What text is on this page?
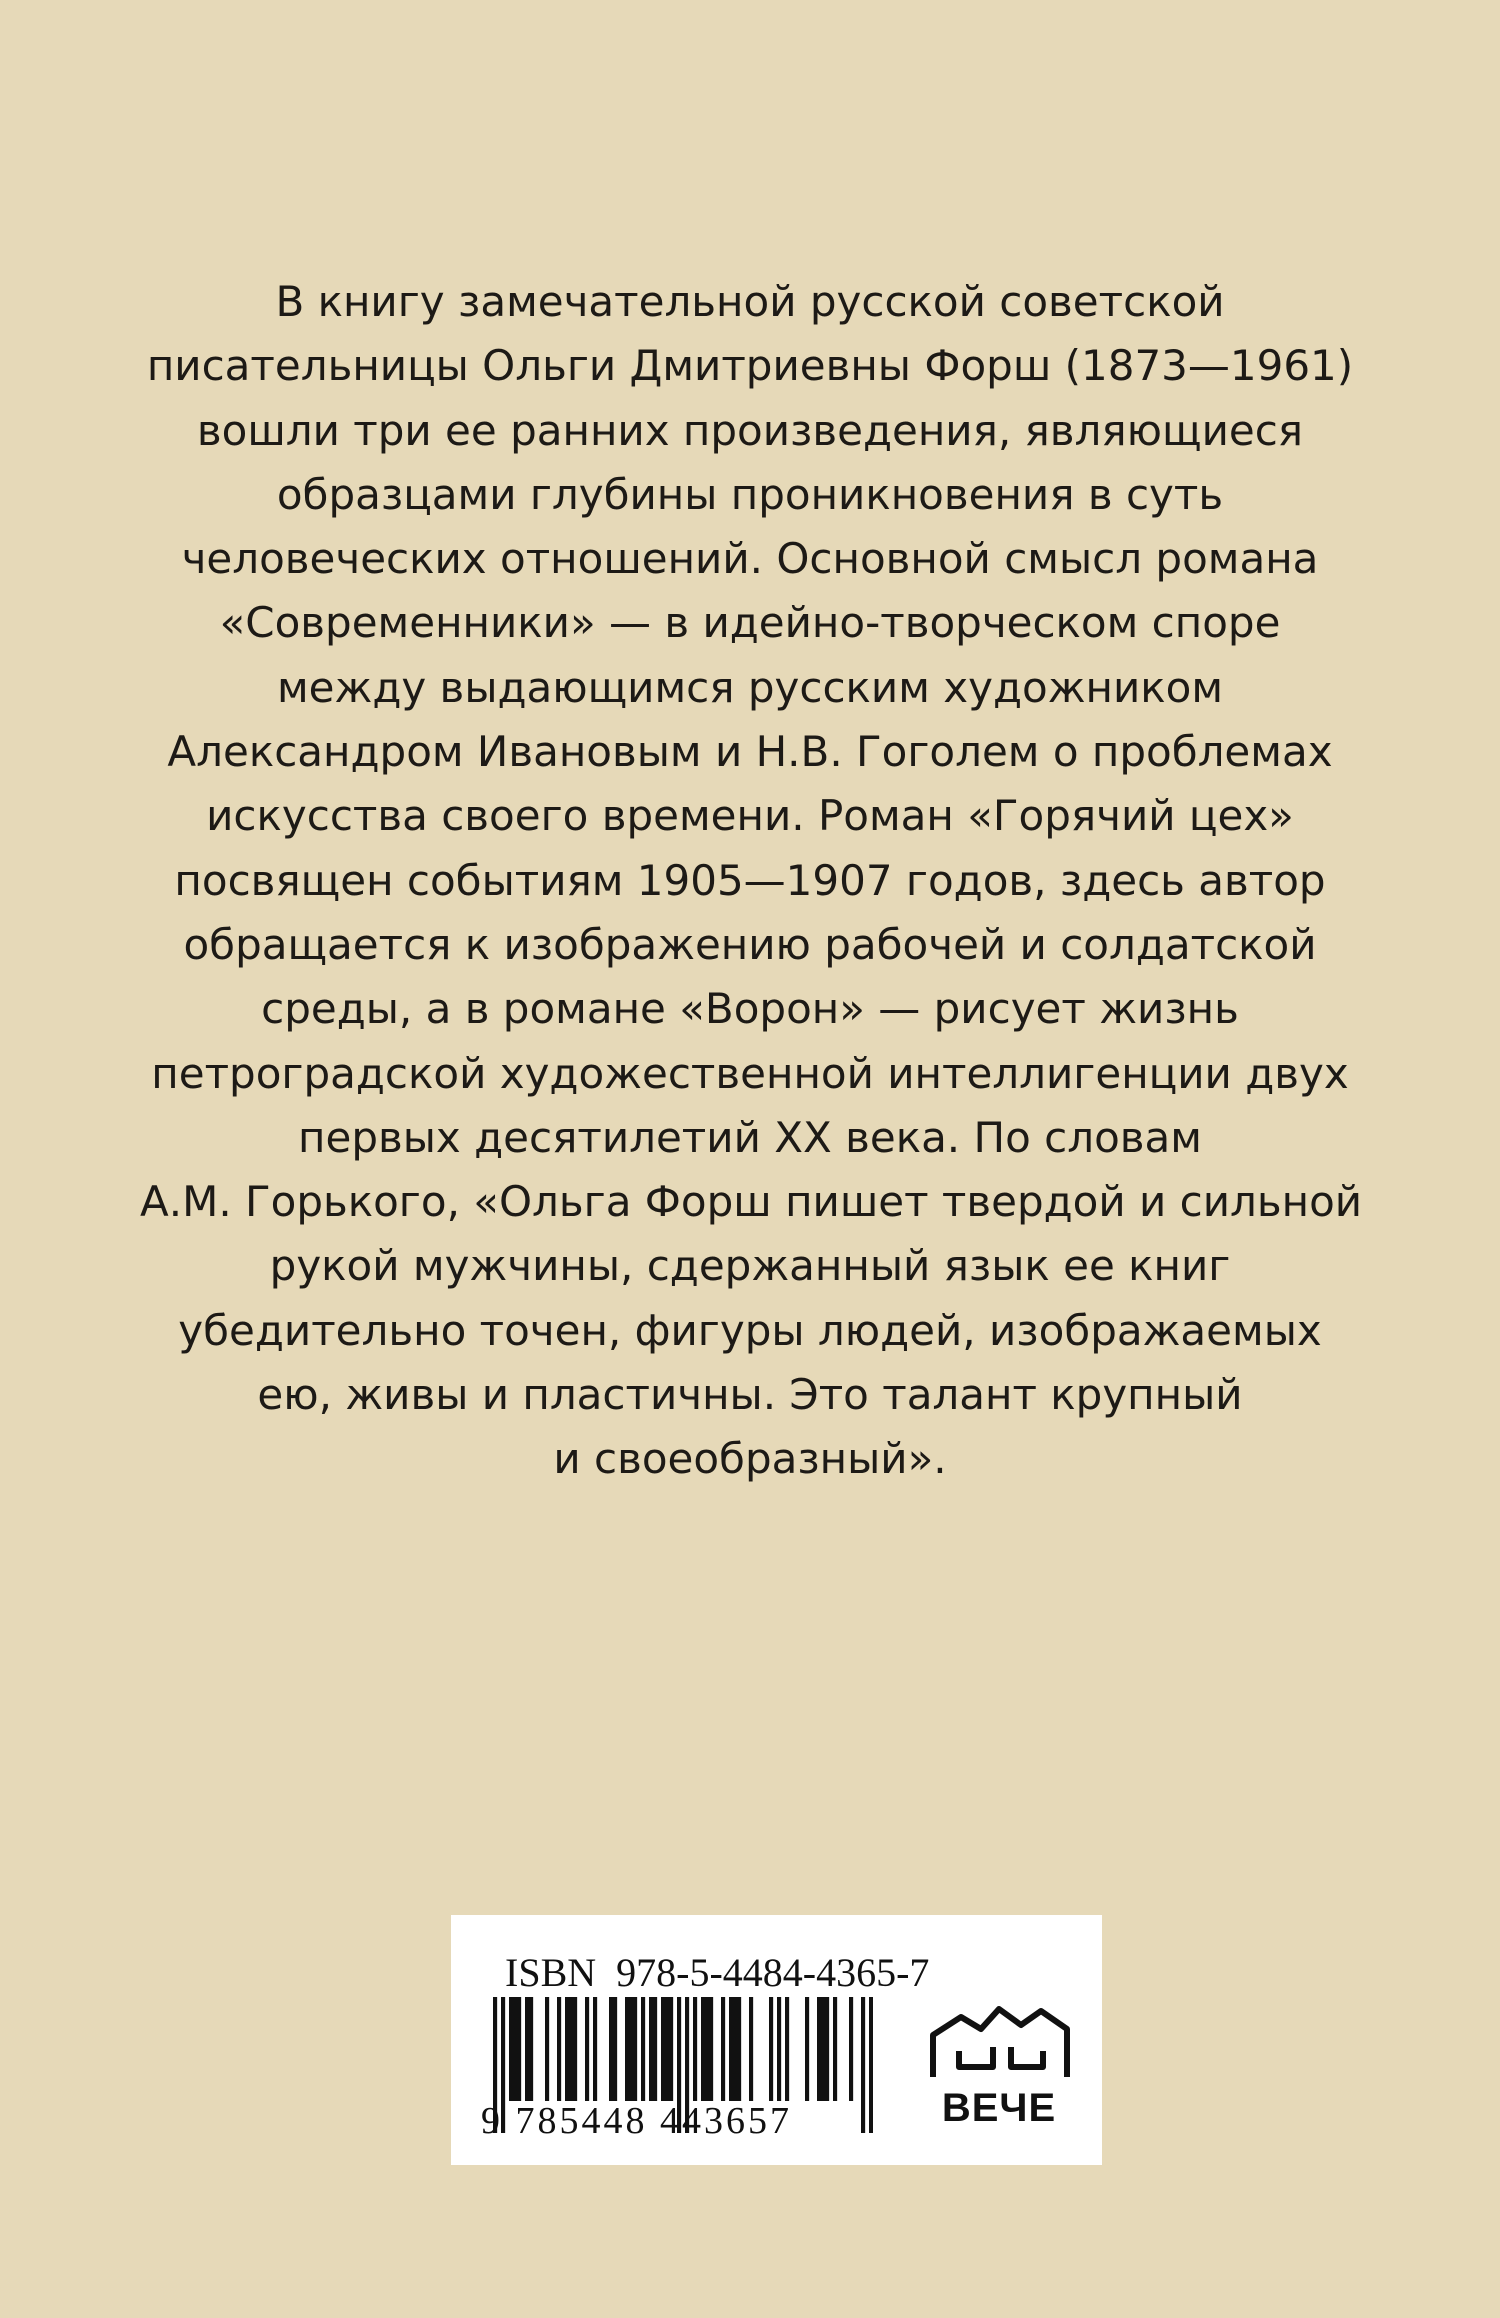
В книгу замечательной русской советской
писательницы Ольги Дмитриевны Форш (1873—1961)
вошли три ее ранних произведения, являющиеся
образцами глубины проникновения в суть
человеческих отношений. Основной смысл романа
«Современники» — в идейно-творческом споре
между выдающимся русским художником
Александром Ивановым и Н.В. Гоголем о проблемах
искусства своего времени. Роман «Горячий цех»
посвящен событиям 1905—1907 годов, здесь автор
обращается к изображению рабочей и солдатской
среды, а в романе «Ворон» — рисует жизнь
петроградской художественной интеллигенции двух
первых десятилетий XX века. По словам
А.М. Горького, «Ольга Форш пишет твердой и сильной
рукой мужчины, сдержанный язык ее книг
убедительно точен, фигуры людей, изображаемых
ею, живы и пластичны. Это талант крупный
и своеобразный».
ISBN  978-5-4484-4365-7
9 785448 443657	ВЕЧЕ
